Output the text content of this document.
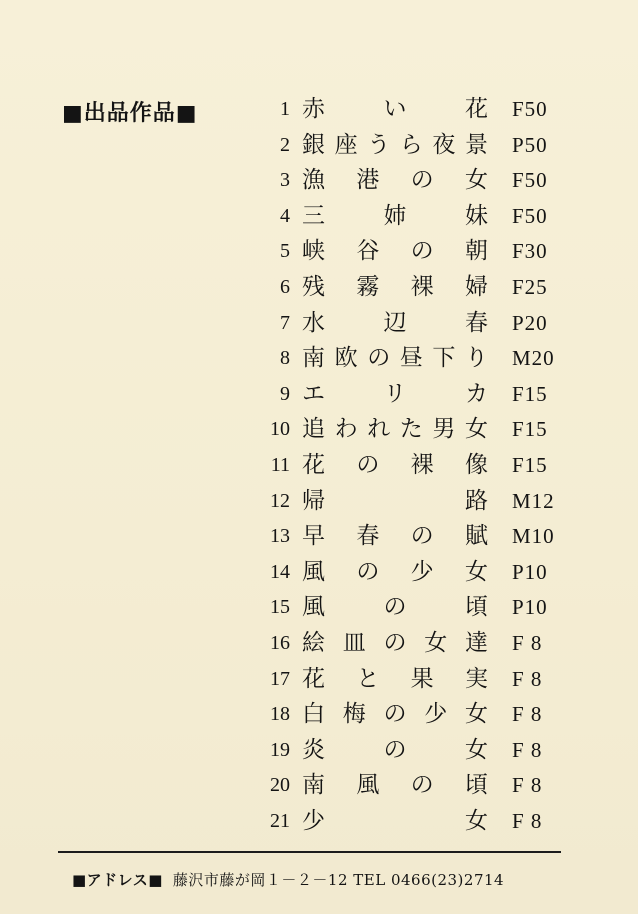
■出品作品■	1 赤	い	花 F50
2 銀 座 う ら 夜 景 P50
3 漁 港 の 女 F50
4 三	姉	妹 F50
5 峡 谷 の 朝 F30
6 残 霧 裸 婦 F25
7 水	辺	春 P20
8 南 欧 の 昼 下 り M20
9 エ	リ	カ F15
10 追 わ れ た 男 女 F15
11 花 の 裸 像 F15
12 帰	路 M12
13 早 春 の 賦 M10
14 風 の 少 女 P10
15 風	の	頃 P10
16 絵 皿 の 女 達 F 8
17 花 と 果 実 F 8
18 白 梅 の 少 女 F 8
19 炎	の	女 F 8
20 南 風 の 頃 F 8
21 少	女 F 8
■アドレス■ 藤沢市藤が岡１－２－12 TEL 0466(23)2714
